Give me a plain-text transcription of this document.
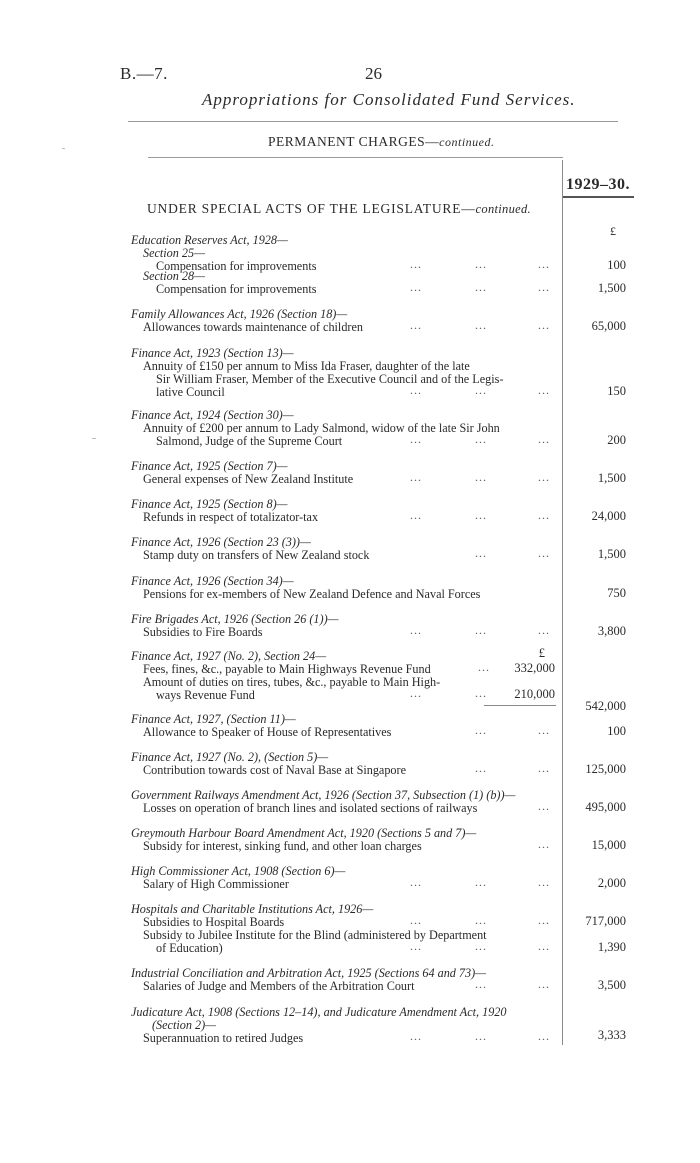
B.—7.	26
Appropriations for Consolidated Fund Services.
PERMANENT CHARGES—continued.
1929–30.
UNDER SPECIAL ACTS OF THE LEGISLATURE—continued.
£
Education Reserves Act, 1928—
Section 25—
Compensation for improvements	...	...	...	100
Section 28—
Compensation for improvements	...	...	...	1,500
Family Allowances Act, 1926 (Section 18)—
Allowances towards maintenance of children	...	...	...	65,000
Finance Act, 1923 (Section 13)—
Annuity of £150 per annum to Miss Ida Fraser, daughter of the late
Sir William Fraser, Member of the Executive Council and of the Legis-
lative Council	...	...	...	150
Finance Act, 1924 (Section 30)—
Annuity of £200 per annum to Lady Salmond, widow of the late Sir John
Salmond, Judge of the Supreme Court	...	...	...	200
Finance Act, 1925 (Section 7)—
General expenses of New Zealand Institute	...	...	...	1,500
Finance Act, 1925 (Section 8)—
Refunds in respect of totalizator-tax	...	...	...	24,000
Finance Act, 1926 (Section 23 (3))—
Stamp duty on transfers of New Zealand stock	...	...	1,500
Finance Act, 1926 (Section 34)—
Pensions for ex-members of New Zealand Defence and Naval Forces	750
Fire Brigades Act, 1926 (Section 26 (1))—
Subsidies to Fire Boards	...	...	...	3,800
Finance Act, 1927 (No. 2), Section 24—	£
Fees, fines, &c., payable to Main Highways Revenue Fund	...	332,000
Amount of duties on tires, tubes, &c., payable to Main High-
ways Revenue Fund	...	...	210,000
542,000
Finance Act, 1927, (Section 11)—
Allowance to Speaker of House of Representatives	...	...	100
Finance Act, 1927 (No. 2), (Section 5)—
Contribution towards cost of Naval Base at Singapore	...	...	125,000
Government Railways Amendment Act, 1926 (Section 37, Subsection (1) (b))—
Losses on operation of branch lines and isolated sections of railways	...	495,000
Greymouth Harbour Board Amendment Act, 1920 (Sections 5 and 7)—
Subsidy for interest, sinking fund, and other loan charges	...	15,000
High Commissioner Act, 1908 (Section 6)—
Salary of High Commissioner	...	...	...	2,000
Hospitals and Charitable Institutions Act, 1926—
Subsidies to Hospital Boards	...	...	...	717,000
Subsidy to Jubilee Institute for the Blind (administered by Department
of Education)	...	...	...	1,390
Industrial Conciliation and Arbitration Act, 1925 (Sections 64 and 73)—
Salaries of Judge and Members of the Arbitration Court	...	...	3,500
Judicature Act, 1908 (Sections 12–14), and Judicature Amendment Act, 1920
(Section 2)—
Superannuation to retired Judges	...	...	...	3,333
